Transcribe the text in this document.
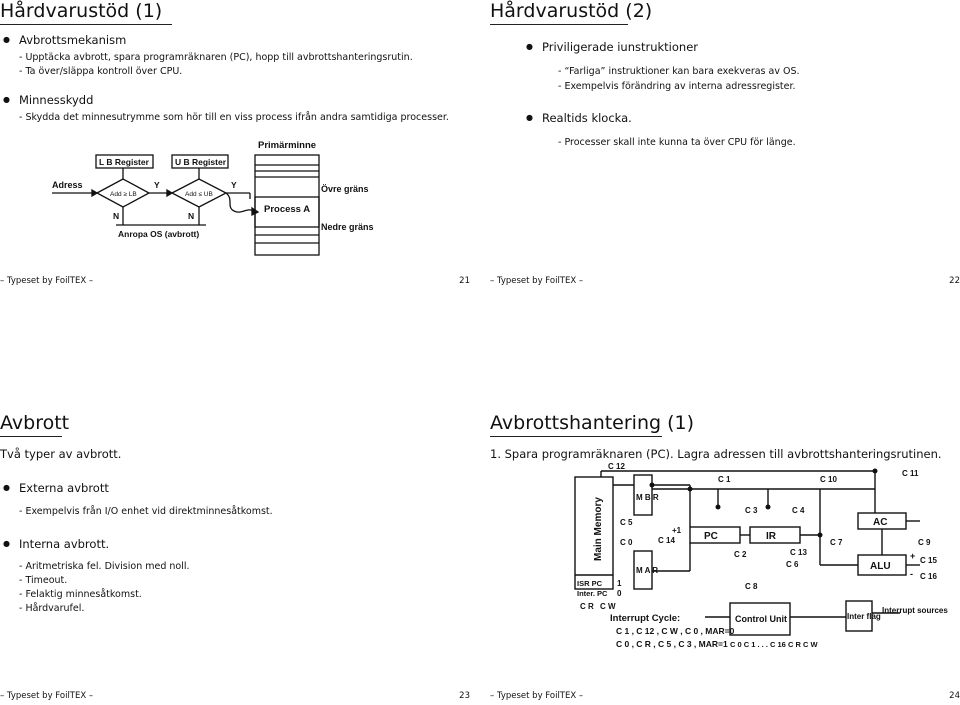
Hårdvarustöd (1)
● Avbrottsmekanism
- Upptäcka avbrott, spara programräknaren (PC), hopp till avbrottshanteringsrutin.
- Ta över/släppa kontroll över CPU.
● Minnesskydd
- Skydda det minnesutrymme som hör till en viss process ifrån andra samtidiga processer.
Primärminne
L B Register	U B Register
Adress
Add ≥ LB	Add ≤ UB
Y	Y
N	N
Anropa OS (avbrott)
Övre gräns
Nedre gräns
Process A
– Typeset by FoilTEX –	21
Hårdvarustöd (2)
● Priviligerade iunstruktioner
- “Farliga” instruktioner kan bara exekveras av OS.
- Exempelvis förändring av interna adressregister.
● Realtids klocka.
- Processer skall inte kunna ta över CPU för länge.
– Typeset by FoilTEX –	22
Avbrott
Två typer av avbrott.
● Externa avbrott
- Exempelvis från I/O enhet vid direktminnesåtkomst.
● Interna avbrott.
- Aritmetriska fel. Division med noll.
- Timeout.
- Felaktig minnesåtkomst.
- Hårdvarufel.
– Typeset by FoilTEX –	23
Avbrottshantering (1)
1. Spara programräknaren (PC). Lagra adressen till avbrottshanteringsrutinen.
Main Memory
ISR PC
Inter. PC
1
0
M B R
M A R
PC	IR
AC
ALU
+1
+
-
C 1
C 2
C 3	C 4
C 5
C 6
C 7
C 8
C 9
C 10
C 11
C 12
C 13
C 14
C 15
C 16
C 0
C R C W
Interrupt Cycle:
C 1 , C 12 , C W , C 0 , MAR=0
C 0 , C R , C 5 , C 3 , MAR=1
Control Unit
C 0 C 1 . . . C 16 C R C W
Inter flag
Interrupt sources
– Typeset by FoilTEX –	24
